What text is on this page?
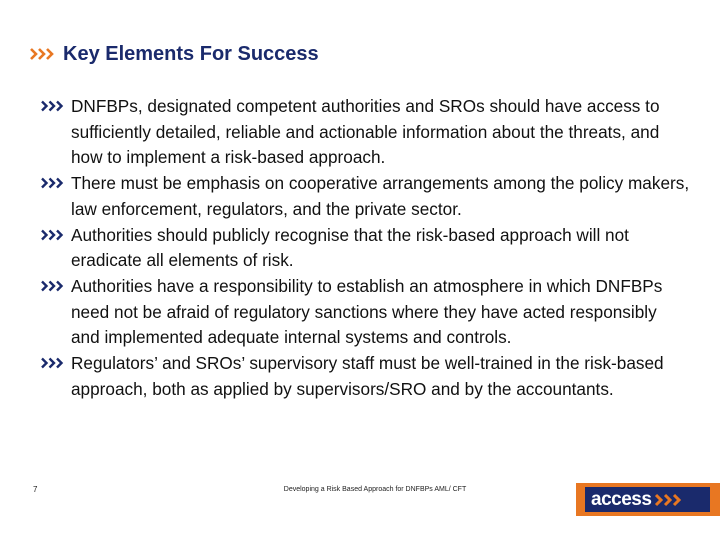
Key Elements For Success
DNFBPs, designated competent authorities and SROs should have access to sufficiently detailed, reliable and actionable information about the threats, and how to implement a risk-based approach.
There must be emphasis on cooperative arrangements among the policy makers, law enforcement, regulators, and the private sector.
Authorities should publicly recognise that the risk-based approach will not eradicate all elements of risk.
Authorities have a responsibility to establish an atmosphere in which DNFBPs need not be afraid of regulatory sanctions where they have acted responsibly and implemented adequate internal systems and controls.
Regulators’ and SROs’ supervisory staff must be well-trained in the risk-based approach, both as applied by supervisors/SRO and by the accountants.
7	Developing a Risk Based Approach for DNFBPs AML/ CFT	access
